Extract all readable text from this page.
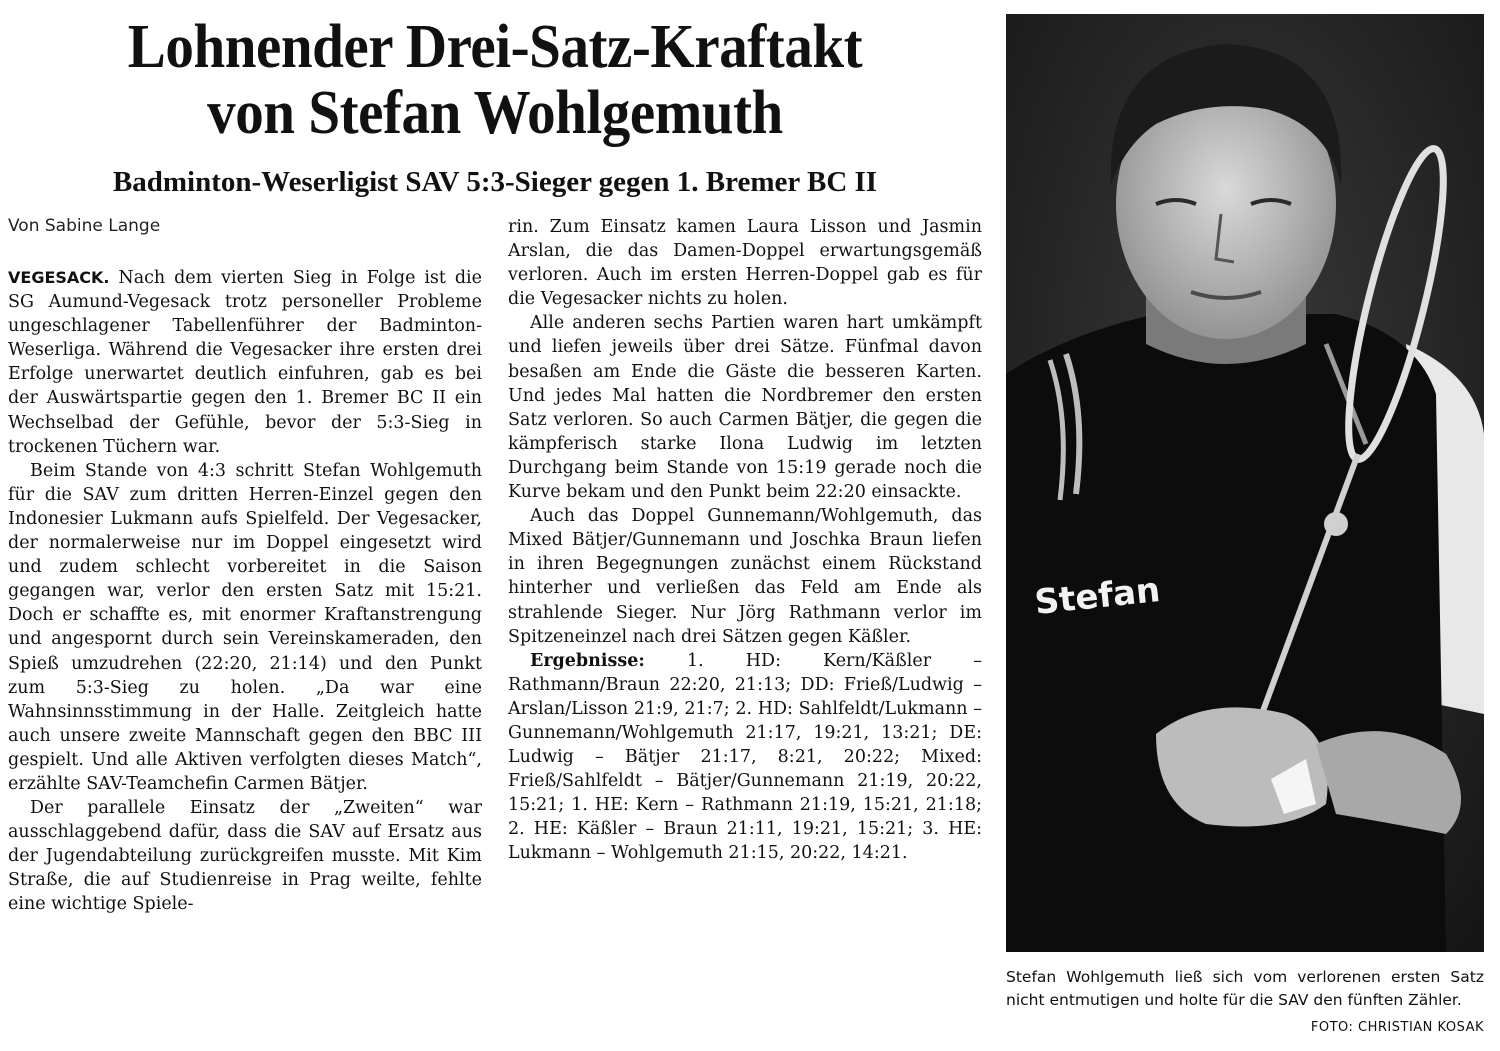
Lohnender Drei-Satz-Kraftakt
von Stefan Wohlgemuth
Badminton-Weserligist SAV 5:3-Sieger gegen 1. Bremer BC II
Von Sabine Lange

VEGESACK. Nach dem vierten Sieg in Folge ist die SG Aumund-Vegesack trotz personeller Probleme ungeschlagener Tabellenführer der Badminton-Weserliga. Während die Vegesacker ihre ersten drei Erfolge unerwartet deutlich einfuhren, gab es bei der Auswärtspartie gegen den 1. Bremer BC II ein Wechselbad der Gefühle, bevor der 5:3-Sieg in trockenen Tüchern war.

Beim Stande von 4:3 schritt Stefan Wohlgemuth für die SAV zum dritten Herren-Einzel gegen den Indonesier Lukmann aufs Spielfeld. Der Vegesacker, der normalerweise nur im Doppel eingesetzt wird und zudem schlecht vorbereitet in die Saison gegangen war, verlor den ersten Satz mit 15:21. Doch er schaffte es, mit enormer Kraftanstrengung und angespornt durch sein Vereinskameraden, den Spieß umzudrehen (22:20, 21:14) und den Punkt zum 5:3-Sieg zu holen. „Da war eine Wahnsinnsstimmung in der Halle. Zeitgleich hatte auch unsere zweite Mannschaft gegen den BBC III gespielt. Und alle Aktiven verfolgten dieses Match“, erzählte SAV-Teamchefin Carmen Bätjer.

Der parallele Einsatz der „Zweiten“ war ausschlaggebend dafür, dass die SAV auf Ersatz aus der Jugendabteilung zurückgreifen musste. Mit Kim Straße, die auf Studienreise in Prag weilte, fehlte eine wichtige Spiele-

rin. Zum Einsatz kamen Laura Lisson und Jasmin Arslan, die das Damen-Doppel erwartungsgemäß verloren. Auch im ersten Herren-Doppel gab es für die Vegesacker nichts zu holen.

Alle anderen sechs Partien waren hart umkämpft und liefen jeweils über drei Sätze. Fünfmal davon besaßen am Ende die Gäste die besseren Karten. Und jedes Mal hatten die Nordbremer den ersten Satz verloren. So auch Carmen Bätjer, die gegen die kämpferisch starke Ilona Ludwig im letzten Durchgang beim Stande von 15:19 gerade noch die Kurve bekam und den Punkt beim 22:20 einsackte.

Auch das Doppel Gunnemann/Wohlgemuth, das Mixed Bätjer/Gunnemann und Joschka Braun liefen in ihren Begegnungen zunächst einem Rückstand hinterher und verließen das Feld am Ende als strahlende Sieger. Nur Jörg Rathmann verlor im Spitzeneinzel nach drei Sätzen gegen Käßler.

Ergebnisse: 1. HD: Kern/Käßler – Rathmann/Braun 22:20, 21:13; DD: Frieß/Ludwig – Arslan/Lisson 21:9, 21:7; 2. HD: Sahlfeldt/Lukmann – Gunnemann/Wohlgemuth 21:17, 19:21, 13:21; DE: Ludwig – Bätjer 21:17, 8:21, 20:22; Mixed: Frieß/Sahlfeldt – Bätjer/Gunnemann 21:19, 20:22, 15:21; 1. HE: Kern – Rathmann 21:19, 15:21, 21:18; 2. HE: Käßler – Braun 21:11, 19:21, 15:21; 3. HE: Lukmann – Wohlgemuth 21:15, 20:22, 14:21.

Stefan
Stefan Wohlgemuth ließ sich vom verlorenen ersten Satz nicht entmutigen und holte für die SAV den fünften Zähler.
FOTO: CHRISTIAN KOSAK
